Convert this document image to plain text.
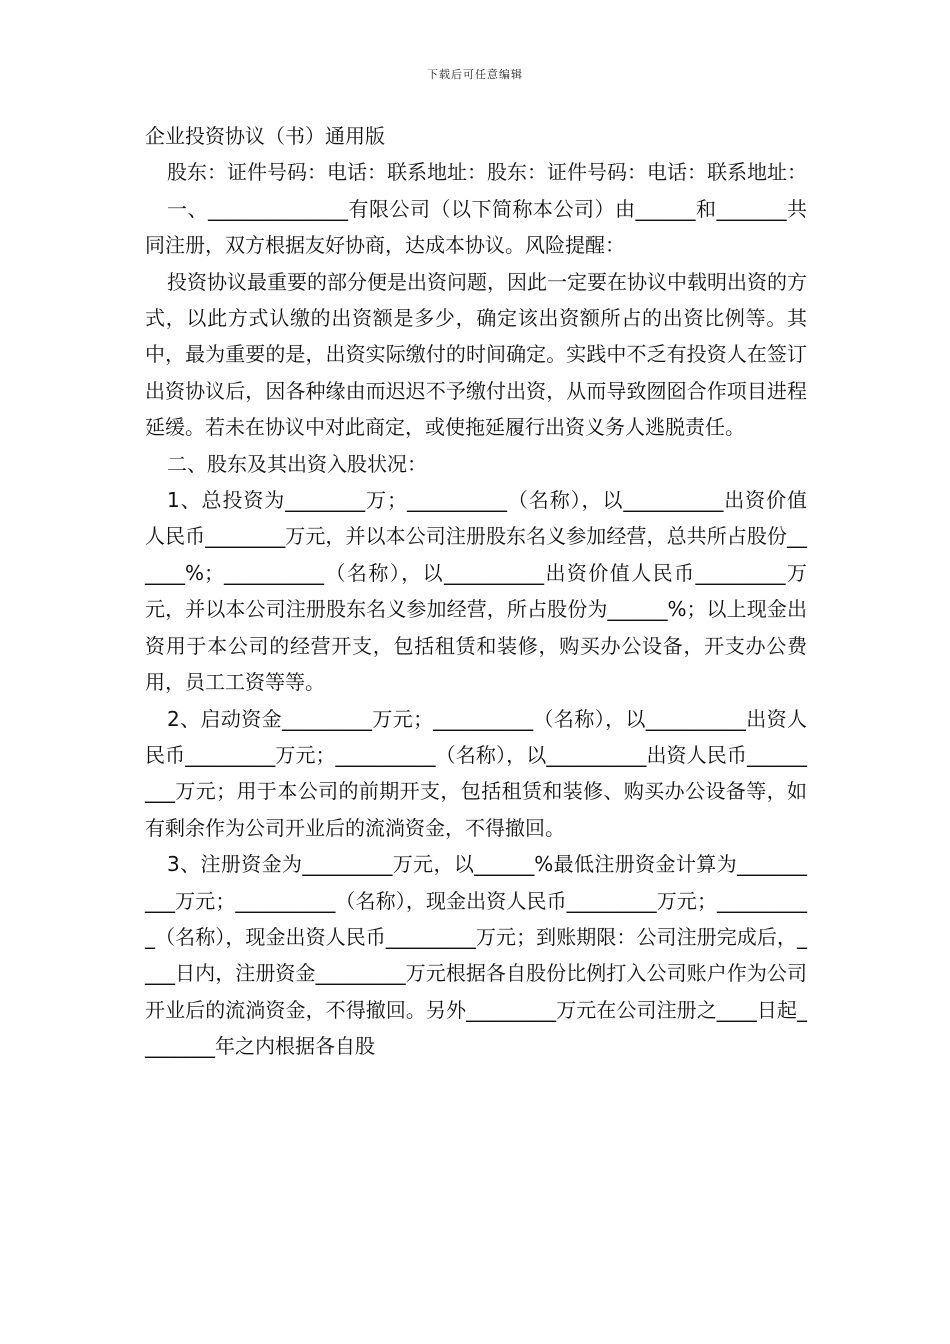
下载后可任意编辑

企业投资协议（书）通用版

股东：证件号码：电话：联系地址：股东：证件号码：电话：联系地址：

一、______________有限公司（以下简称本公司）由______和_______共同注册，双方根据友好协商，达成本协议。风险提醒：

投资协议最重要的部分便是出资问题，因此一定要在协议中载明出资的方式，以此方式认缴的出资额是多少，确定该出资额所占的出资比例等。其中，最为重要的是，出资实际缴付的时间确定。实践中不乏有投资人在签订出资协议后，因各种缘由而迟迟不予缴付出资，从而导致囫囵合作项目进程延缓。若未在协议中对此商定，或使拖延履行出资义务人逃脱责任。

二、股东及其出资入股状况：

1、总投资为________万；__________（名称），以__________出资价值人民币________万元，并以本公司注册股东名义参加经营，总共所占股份______%；__________（名称），以__________出资价值人民币_________万元，并以本公司注册股东名义参加经营，所占股份为______%；以上现金出资用于本公司的经营开支，包括租赁和装修，购买办公设备，开支办公费用，员工工资等等。

2、启动资金_________万元；__________（名称），以__________出资人民币_________万元；__________（名称），以__________出资人民币_________万元；用于本公司的前期开支，包括租赁和装修、购买办公设备等，如有剩余作为公司开业后的流淌资金，不得撤回。

3、注册资金为_________万元，以______%最低注册资金计算为__________万元；__________（名称），现金出资人民币_________万元；__________（名称），现金出资人民币_________万元；到账期限：公司注册完成后，____日内，注册资金_________万元根据各自股份比例打入公司账户作为公司开业后的流淌资金，不得撤回。另外_________万元在公司注册之____日起________年之内根据各自股
